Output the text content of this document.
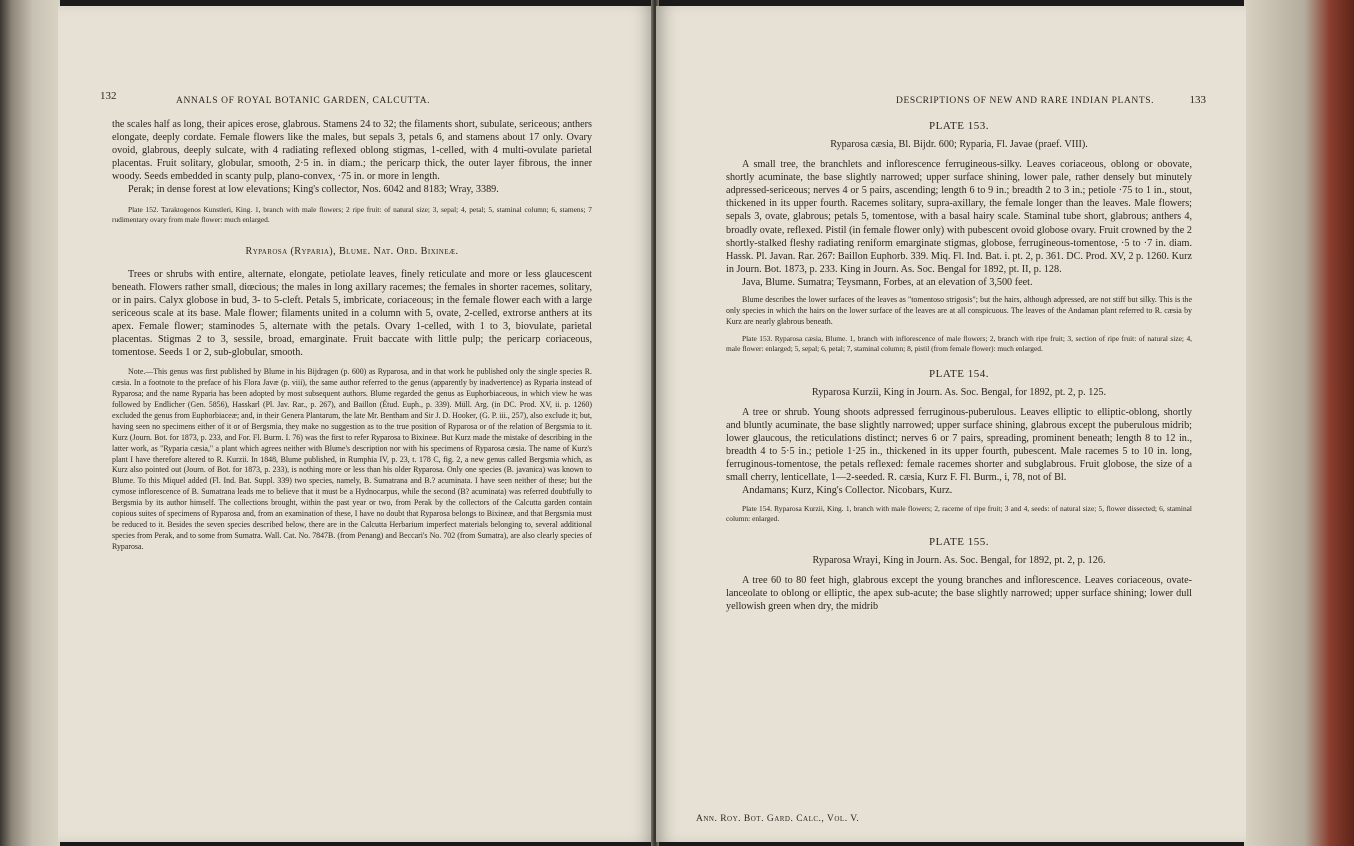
132	ANNALS OF ROYAL BOTANIC GARDEN, CALCUTTA.

the scales half as long, their apices erose, glabrous. Stamens 24 to 32; the filaments short, subulate, sericeous; anthers elongate, deeply cordate. Female flowers like the males, but sepals 3, petals 6, and stamens about 17 only. Ovary ovoid, glabrous, deeply sulcate, with 4 radiating reflexed oblong stigmas, 1-celled, with 4 multi-ovulate parietal placentas. Fruit solitary, globular, smooth, 2·5 in. in diam.; the pericarp thick, the outer layer fibrous, the inner woody. Seeds embedded in scanty pulp, plano-convex, ·75 in. or more in length.

Perak; in dense forest at low elevations; King's collector, Nos. 6042 and 8183; Wray, 3389.

Plate 152. Taraktogenos Kunstleri, King. 1, branch with male flowers; 2 ripe fruit: of natural size; 3, sepal; 4, petal; 5, staminal column; 6, stamens; 7 rudimentary ovary from male flower: much enlarged.

Ryparosa (Ryparia), Blume. Nat. Ord. Bixineæ.

Trees or shrubs with entire, alternate, elongate, petiolate leaves, finely reticulate and more or less glaucescent beneath. Flowers rather small, diœcious; the males in long axillary racemes; the females in shorter racemes, solitary, or in pairs. Calyx globose in bud, 3- to 5-cleft. Petals 5, imbricate, coriaceous; in the female flower each with a large sericeous scale at its base. Male flower; filaments united in a column with 5, ovate, 2-celled, extrorse anthers at its apex. Female flower; staminodes 5, alternate with the petals. Ovary 1-celled, with 1 to 3, biovulate, parietal placentas. Stigmas 2 to 3, sessile, broad, emarginate. Fruit baccate with little pulp; the pericarp coriaceous, tomentose. Seeds 1 or 2, sub-globular, smooth.

Note.—This genus was first published by Blume in his Bijdragen (p. 600) as Ryparosa, and in that work he published only the single species R. cæsia. In a footnote to the preface of his Flora Javæ (p. viii), the same author referred to the genus (apparently by inadvertence) as Ryparia instead of Ryparosa; and the name Ryparia has been adopted by most subsequent authors. Blume regarded the genus as Euphorbiaceous, in which view he was followed by Endlicher (Gen. 5856), Hasskarl (Pl. Jav. Rar., p. 267), and Baillon (Étud. Euph., p. 339). Müll. Arg. (in DC. Prod. XV, ii. p. 1260) excluded the genus from Euphorbiaceæ; and, in their Genera Plantarum, the late Mr. Bentham and Sir J. D. Hooker, (G. P. iii., 257), also exclude it; but, having seen no specimens either of it or of Bergsmia, they make no suggestion as to the true position of Ryparosa or of the relation of Bergsmia to it. Kurz (Journ. Bot. for 1873, p. 233, and For. Fl. Burm. I. 76) was the first to refer Ryparosa to Bixineæ. But Kurz made the mistake of describing in the latter work, as "Ryparia cæsia," a plant which agrees neither with Blume's description nor with his specimens of Ryparosa cæsia. The name of Kurz's plant I have therefore altered to R. Kurzii. In 1848, Blume published, in Rumphia IV, p. 23, t. 178 C, fig. 2, a new genus called Bergsmia which, as Kurz also pointed out (Journ. of Bot. for 1873, p. 233), is nothing more or less than his older Ryparosa. Only one species (B. javanica) was known to Blume. To this Miquel added (Fl. Ind. Bat. Suppl. 339) two species, namely, B. Sumatrana and B.? acuminata. I have seen neither of these; but the cymose inflorescence of B. Sumatrana leads me to believe that it must be a Hydnocarpus, while the second (B? acuminata) was referred doubtfully to Bergsmia by its author himself. The collections brought, within the past year or two, from Perak by the collectors of the Calcutta garden contain copious suites of specimens of Ryparosa and, from an examination of these, I have no doubt that Ryparosa belongs to Bixineæ, and that Bergsmia must be reduced to it. Besides the seven species described below, there are in the Calcutta Herbarium imperfect materials belonging to, several additional species from Perak, and to some from Sumatra. Wall. Cat. No. 7847B. (from Penang) and Beccari's No. 702 (from Sumatra), are also clearly species of Ryparosa.

DESCRIPTIONS OF NEW AND RARE INDIAN PLANTS.	133

PLATE 153.

Ryparosa cæsia, Bl. Bijdr. 600; Ryparia, Fl. Javae (praef. VIII).

A small tree, the branchlets and inflorescence ferrugineous-silky. Leaves coriaceous, oblong or obovate, shortly acuminate, the base slightly narrowed; upper surface shining, lower pale, rather densely but minutely adpressed-sericeous; nerves 4 or 5 pairs, ascending; length 6 to 9 in.; breadth 2 to 3 in.; petiole ·75 to 1 in., stout, thickened in its upper fourth. Racemes solitary, supra-axillary, the female longer than the leaves. Male flowers; sepals 3, ovate, glabrous; petals 5, tomentose, with a basal hairy scale. Staminal tube short, glabrous; anthers 4, broadly ovate, reflexed. Pistil (in female flower only) with pubescent ovoid globose ovary. Fruit crowned by the 2 shortly-stalked fleshy radiating reniform emarginate stigmas, globose, ferrugineous-tomentose, ·5 to ·7 in. diam. Hassk. Pl. Javan. Rar. 267: Baillon Euphorb. 339. Miq. Fl. Ind. Bat. i. pt. 2, p. 361. DC. Prod. XV, 2 p. 1260. Kurz in Journ. Bot. 1873, p. 233. King in Journ. As. Soc. Bengal for 1892, pt. II, p. 128.

Java, Blume. Sumatra; Teysmann, Forbes, at an elevation of 3,500 feet.

Blume describes the lower surfaces of the leaves as "tomentoso strigosis"; but the hairs, although adpressed, are not stiff but silky. This is the only species in which the hairs on the lower surface of the leaves are at all conspicuous. The leaves of the Andaman plant referred to R. cæsia by Kurz are nearly glabrous beneath.

Plate 153. Ryparosa cæsia, Blume. 1, branch with inflorescence of male flowers; 2, branch with ripe fruit; 3, section of ripe fruit: of natural size; 4, male flower: enlarged; 5, sepal; 6, petal; 7, staminal column; 8, pistil (from female flower): much enlarged.

PLATE 154.

Ryparosa Kurzii, King in Journ. As. Soc. Bengal, for 1892, pt. 2, p. 125.

A tree or shrub. Young shoots adpressed ferruginous-puberulous. Leaves elliptic to elliptic-oblong, shortly and bluntly acuminate, the base slightly narrowed; upper surface shining, glabrous except the puberulous midrib; lower glaucous, the reticulations distinct; nerves 6 or 7 pairs, spreading, prominent beneath; length 8 to 12 in., breadth 4 to 5·5 in.; petiole 1·25 in., thickened in its upper fourth, pubescent. Male racemes 5 to 10 in. long, ferruginous-tomentose, the petals reflexed: female racemes shorter and subglabrous. Fruit globose, the size of a small cherry, lenticellate, 1—2-seeded. R. cæsia, Kurz F. Fl. Burm., i, 78, not of Bl.

Andamans; Kurz, King's Collector. Nicobars, Kurz.

Plate 154. Ryparosa Kurzii, King. 1, branch with male flowers; 2, raceme of ripe fruit; 3 and 4, seeds: of natural size; 5, flower dissected; 6, staminal column: enlarged.

PLATE 155.

Ryparosa Wrayi, King in Journ. As. Soc. Bengal, for 1892, pt. 2, p. 126.

A tree 60 to 80 feet high, glabrous except the young branches and inflorescence. Leaves coriaceous, ovate-lanceolate to oblong or elliptic, the apex sub-acute; the base slightly narrowed; upper surface shining; lower dull yellowish green when dry, the midrib

Ann. Roy. Bot. Gard. Calc., Vol. V.
